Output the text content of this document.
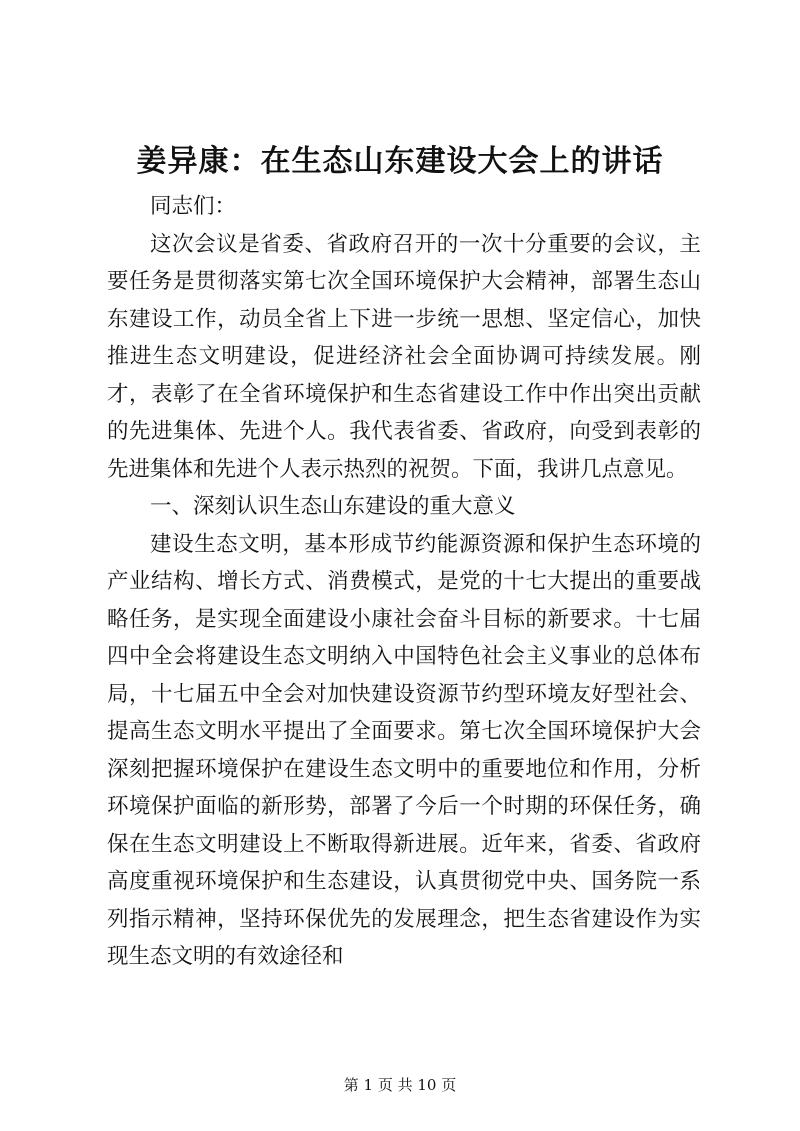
姜异康：在生态山东建设大会上的讲话

同志们：

这次会议是省委、省政府召开的一次十分重要的会议，主要任务是贯彻落实第七次全国环境保护大会精神，部署生态山东建设工作，动员全省上下进一步统一思想、坚定信心，加快推进生态文明建设，促进经济社会全面协调可持续发展。刚才，表彰了在全省环境保护和生态省建设工作中作出突出贡献的先进集体、先进个人。我代表省委、省政府，向受到表彰的先进集体和先进个人表示热烈的祝贺。下面，我讲几点意见。

一、深刻认识生态山东建设的重大意义

建设生态文明，基本形成节约能源资源和保护生态环境的产业结构、增长方式、消费模式，是党的十七大提出的重要战略任务，是实现全面建设小康社会奋斗目标的新要求。十七届四中全会将建设生态文明纳入中国特色社会主义事业的总体布局，十七届五中全会对加快建设资源节约型环境友好型社会、提高生态文明水平提出了全面要求。第七次全国环境保护大会深刻把握环境保护在建设生态文明中的重要地位和作用，分析环境保护面临的新形势，部署了今后一个时期的环保任务，确保在生态文明建设上不断取得新进展。近年来，省委、省政府高度重视环境保护和生态建设，认真贯彻党中央、国务院一系列指示精神，坚持环保优先的发展理念，把生态省建设作为实现生态文明的有效途径和

第 1 页 共 10 页
